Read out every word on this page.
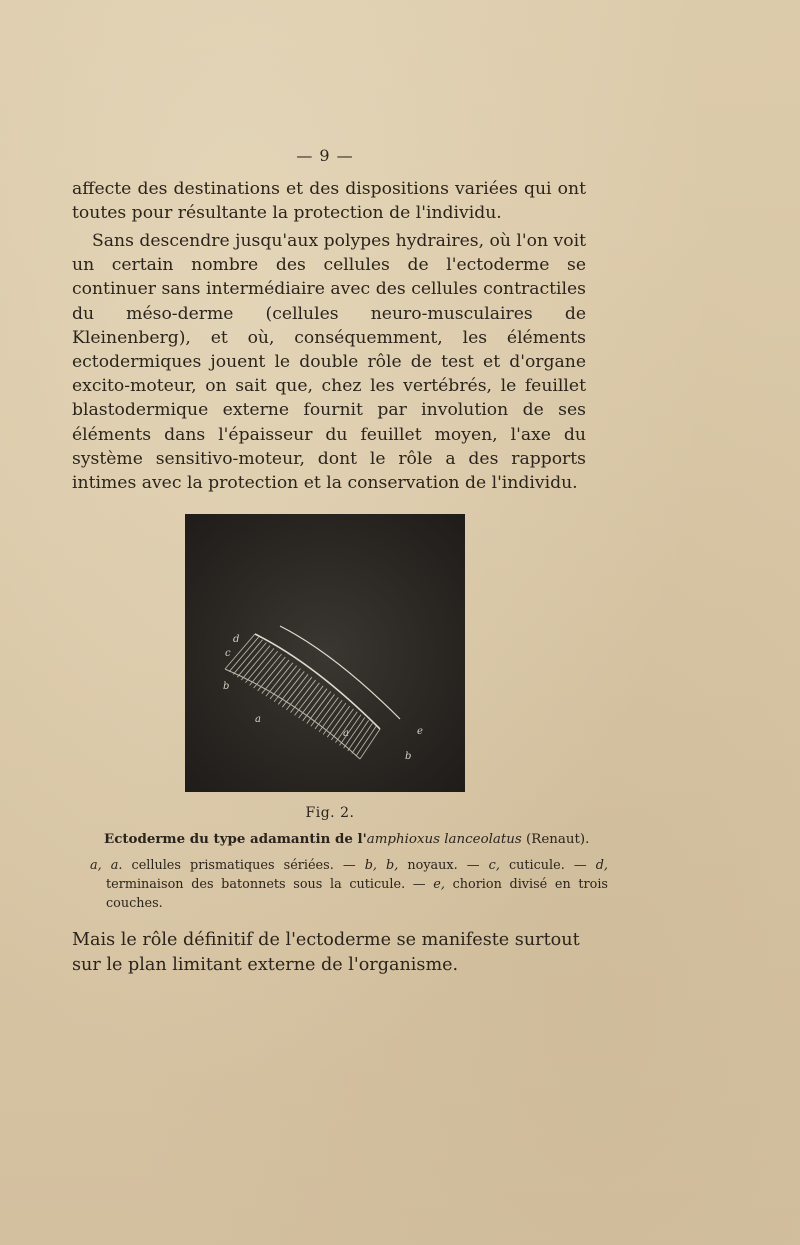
— 9 —

affecte des destinations et des dispositions variées qui ont toutes pour résultante la protection de l'individu.

Sans descendre jusqu'aux polypes hydraires, où l'on voit un certain nombre des cellules de l'ectoderme se continuer sans intermédiaire avec des cellules contractiles du méso-derme (cellules neuro-musculaires de Kleinenberg), et où, conséquemment, les éléments ectodermiques jouent le double rôle de test et d'organe excito-moteur, on sait que, chez les vertébrés, le feuillet blastodermique externe fournit par involution de ses éléments dans l'épaisseur du feuillet moyen, l'axe du système sensitivo-moteur, dont le rôle a des rapports intimes avec la protection et la conservation de l'individu.

d
c
b
a
a	e
b
Fig. 2.
Ectoderme du type adamantin de l'amphioxus lanceolatus (Renaut).

a, a. cellules prismatiques sériées. — b, b, noyaux. — c, cuticule. — d, terminaison des batonnets sous la cuticule. — e, chorion divisé en trois couches.

Mais le rôle définitif de l'ectoderme se manifeste surtout sur le plan limitant externe de l'organisme.
